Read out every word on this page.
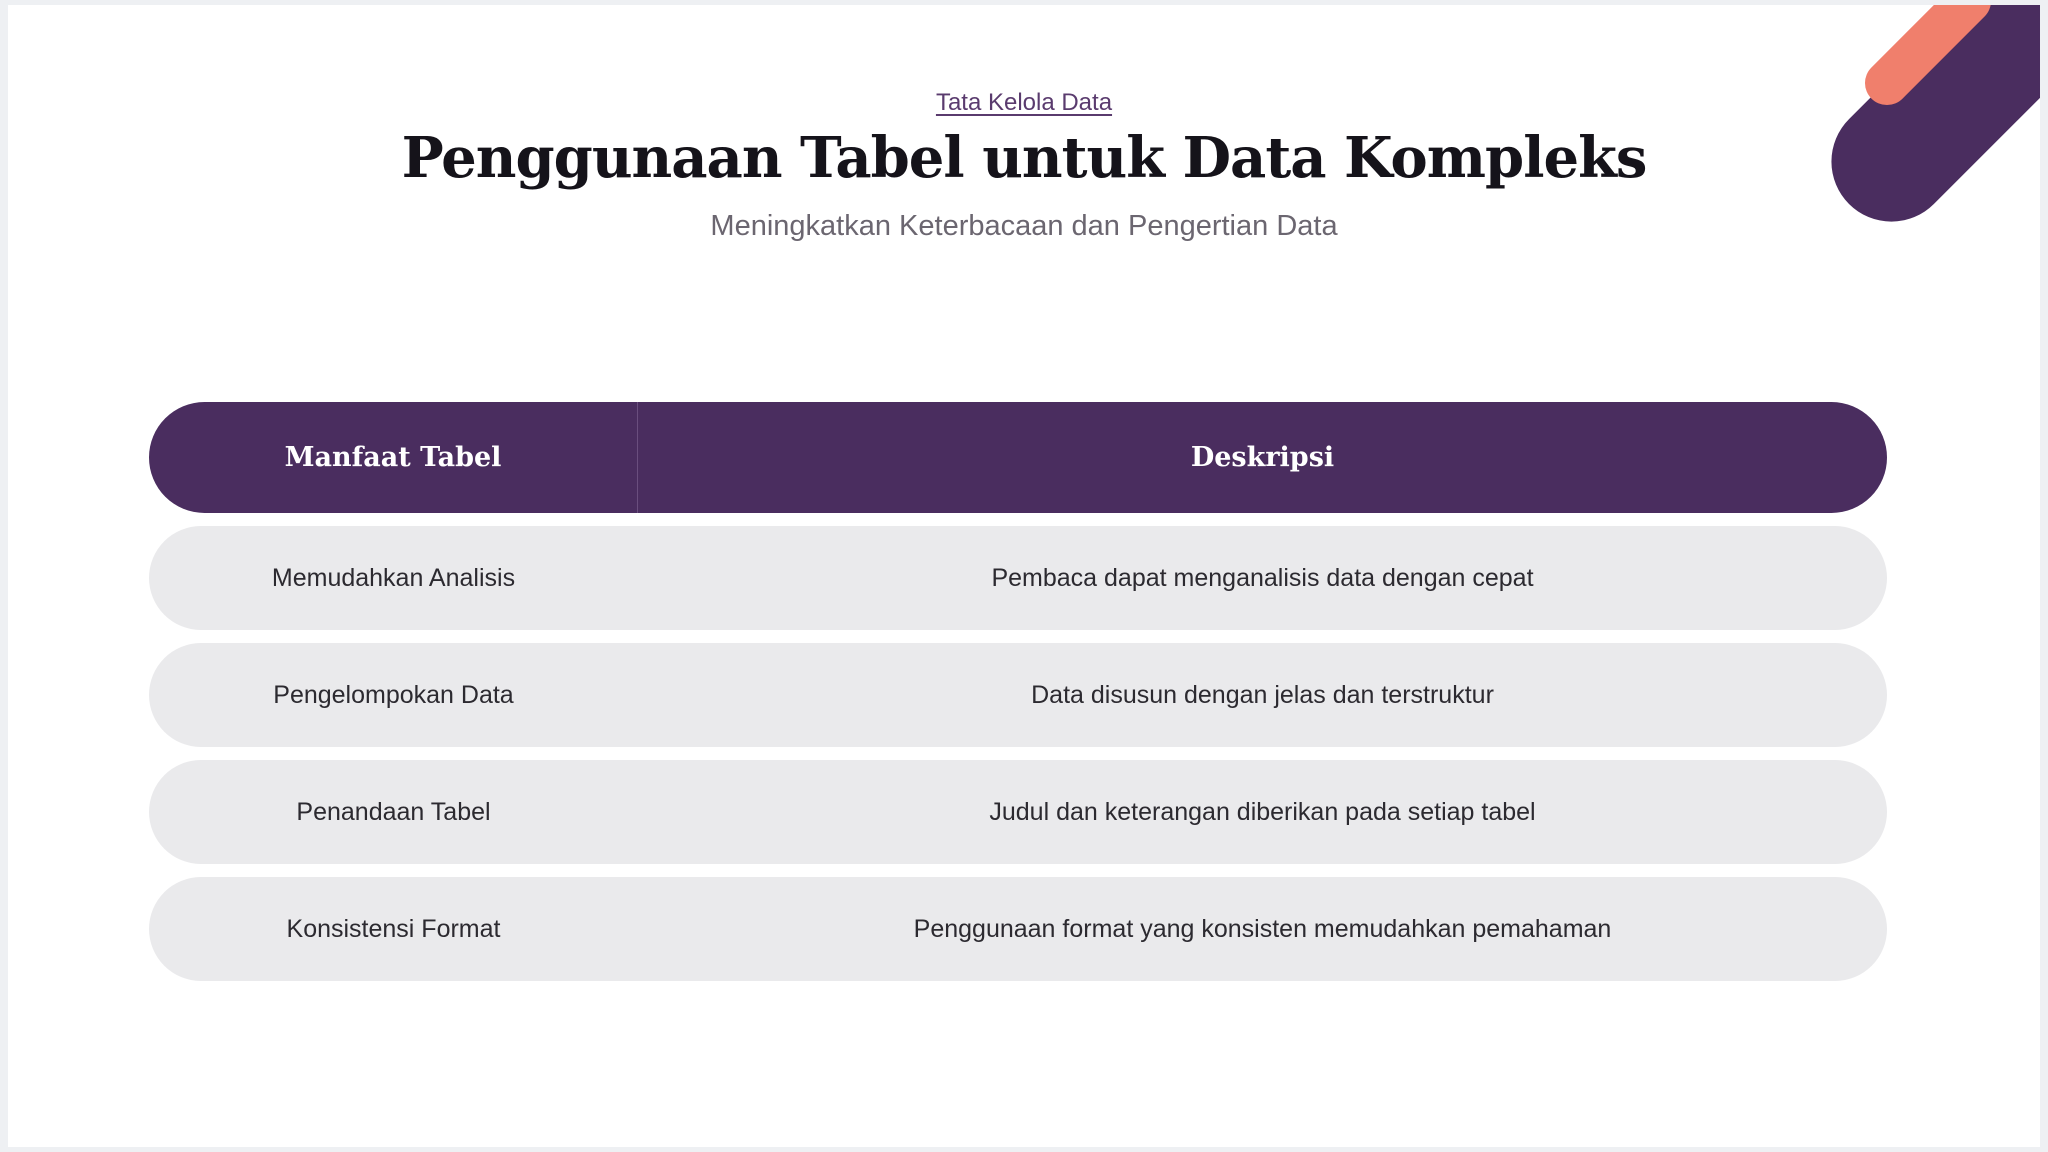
Tata Kelola Data
Penggunaan Tabel untuk Data Kompleks

Meningkatkan Keterbacaan dan Pengertian Data

Manfaat Tabel	Deskripsi
Memudahkan Analisis	Pembaca dapat menganalisis data dengan cepat
Pengelompokan Data	Data disusun dengan jelas dan terstruktur
Penandaan Tabel	Judul dan keterangan diberikan pada setiap tabel
Konsistensi Format	Penggunaan format yang konsisten memudahkan pemahaman
